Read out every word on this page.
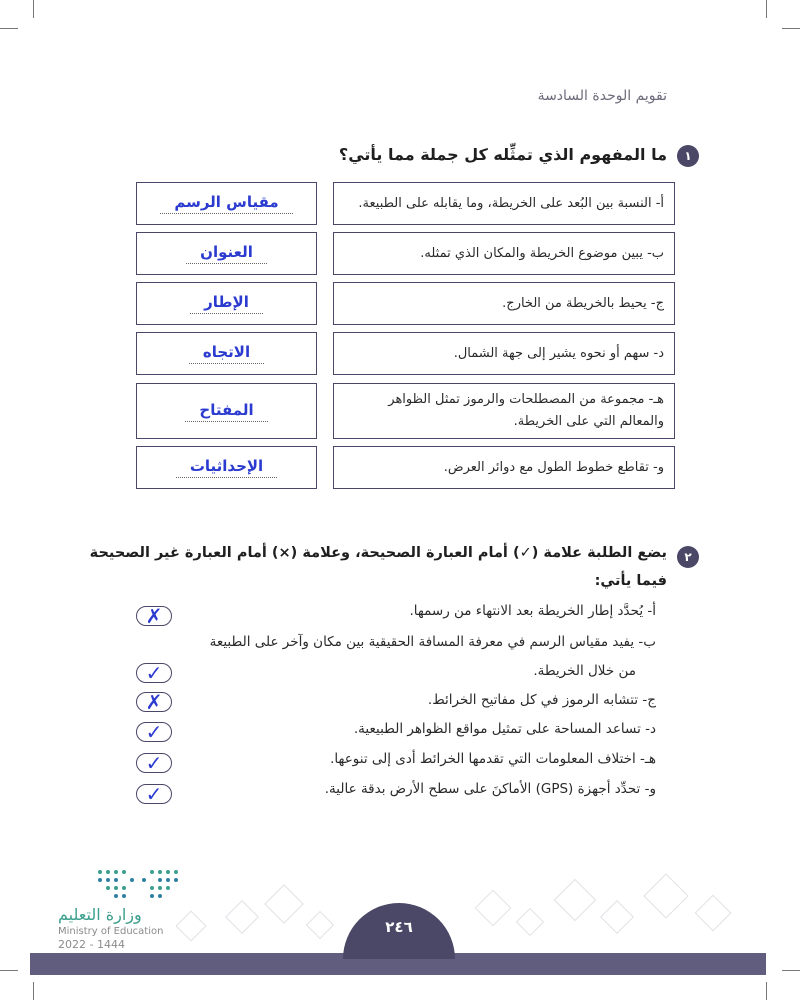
تقويم الوحدة السادسة
١
ما المفهوم الذي تمثِّله كل جملة مما يأتي؟
أ- النسبة بين البُعد على الخريطة، وما يقابله على الطبيعة.
مقياس الرسم
ب- يبين موضوع الخريطة والمكان الذي تمثله.
العنوان
ج- يحيط بالخريطة من الخارج.
الإطار
د- سهم أو نحوه يشير إلى جهة الشمال.
الاتجاه
هـ- مجموعة من المصطلحات والرموز تمثل الظواهر والمعالم التي على الخريطة.
المفتاح
و- تقاطع خطوط الطول مع دوائر العرض.
الإحداثيات
٢
يضع الطلبة علامة (✓) أمام العبارة الصحيحة، وعلامة (×) أمام العبارة غير الصحيحة
فيما يأتي:
أ- يُحدَّد إطار الخريطة بعد الانتهاء من رسمها.
✗
ب- يفيد مقياس الرسم في معرفة المسافة الحقيقية بين مكان وآخر على الطبيعة
من خلال الخريطة.
✓
ج- تتشابه الرموز في كل مفاتيح الخرائط.
✗
د- تساعد المساحة على تمثيل مواقع الظواهر الطبيعية.
✓
هـ- اختلاف المعلومات التي تقدمها الخرائط أدى إلى تنوعها.
✓
و- تحدِّد أجهزة (GPS) الأماكنَ على سطح الأرض بدقة عالية.
✓
٢٤٦
وزارة التعليم
Ministry of Education
2022 - 1444
